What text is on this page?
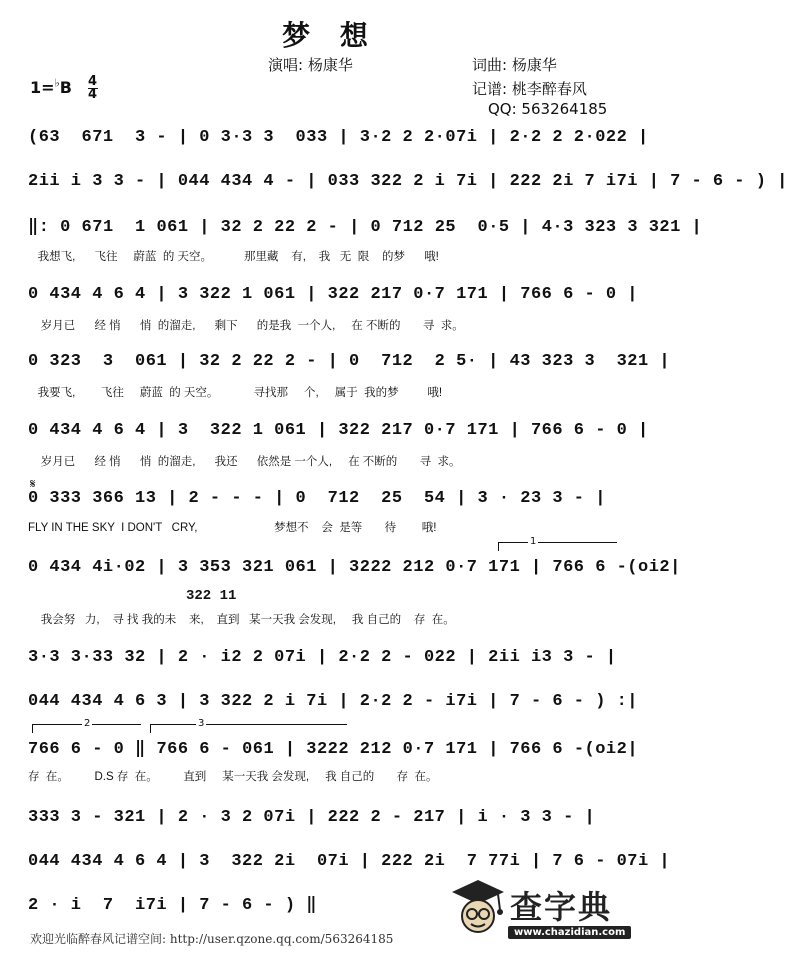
梦 想
演唱: 杨康华	词曲: 杨康华
记谱: 桃李醉春风
QQ: 563264185
$1=^♭B \frac{4}{4}$
𝄋
(63  671  3 - | 0 3·3 3  033 | 3·2 2 2·07i | 2·2 2 2·022 |
2ii i 3 3 - | 044 434 4 - | 033 322 2 i 7i | 222 2i 7 i7i | 7 - 6 - ) |
‖: 0 671  1 061 | 32 2 22 2 - | 0 712 25  0·5 | 4·3 323 3 321 |
我想飞,      飞往     蔚蓝  的 天空。          那里藏    有,    我   无  限    的梦      哦!
0 434 4 6 4 | 3 322 1 061 | 322 217 0·7 171 | 766 6 - 0 |
岁月已      经 悄      悄  的溜走,      剩下      的是我  一个人,     在 不断的       寻  求。
0 323  3  061 | 32 2 22 2 - | 0  712  2 5· | 43 323 3  321 |
我要飞,        飞往     蔚蓝  的 天空。           寻找那     个,     属于  我的梦         哦!
0 434 4 6 4 | 3  322 1 061 | 322 217 0·7 171 | 766 6 - 0 |
岁月已      经 悄      悄  的溜走,      我还      依然是 一个人,     在 不断的       寻  求。
0 333 366 13 | 2 - - - | 0  712  25  54 | 3 · 23 3 - |
FLY IN THE SKY  I DON'T   CRY,                        梦想不    会  是等       待        哦!
1
0 434 4i·02 | 3 353 321 061 | 3222 212 0·7 171 | 766 6 -(oi2|
322 11
我会努   力,    寻 找 我的未    来,    直到   某一天我 会发现,     我 自己的    存  在。
3·3 3·33 32 | 2 · i2 2 07i | 2·2 2 - 022 | 2ii i3 3 - |
044 434 4 6 3 | 3 322 2 i 7i | 2·2 2 - i7i | 7 - 6 - ) :|
2	3
766 6 - 0 ‖ 766 6 - 061 | 3222 212 0·7 171 | 766 6 -(oi2|
存  在。        D.S 存  在。        直到     某一天我 会发现,     我 自己的       存  在。
333 3 - 321 | 2 · 3 2 07i | 222 2 - 217 | i · 3 3 - |
044 434 4 6 4 | 3  322 2i  07i | 222 2i  7 77i | 7 6 - 07i |
2 · i  7  i7i | 7 - 6 - ) ‖
欢迎光临醉春风记谱空间: http://user.qzone.qq.com/563264185
查字典
www.chazidian.com
